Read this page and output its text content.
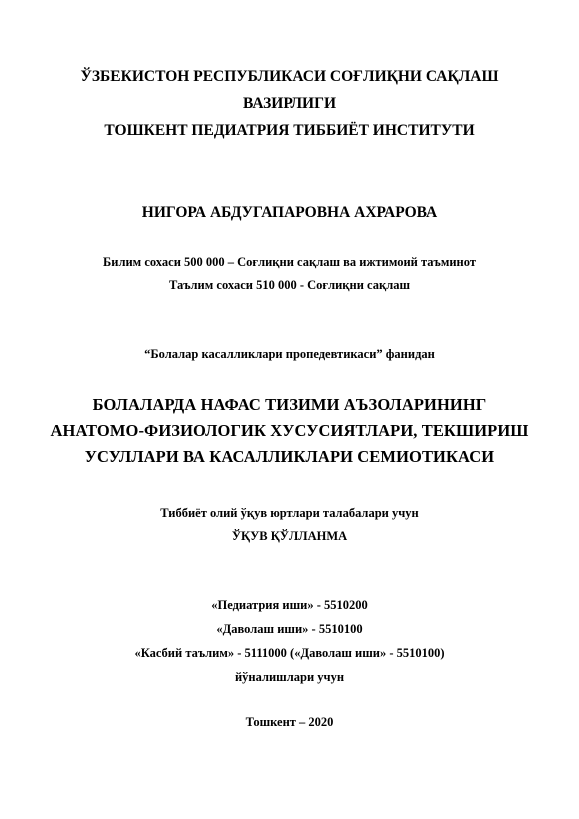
ЎЗБЕКИСТОН РЕСПУБЛИКАСИ СОҒЛИҚНИ САҚЛАШ
ВАЗИРЛИГИ
ТОШКЕНТ ПЕДИАТРИЯ ТИББИЁТ ИНСТИТУТИ
НИГОРА АБДУГАПАРОВНА АХРАРОВА
Билим сохаси 500 000 – Соғлиқни сақлаш ва ижтимоий таъминот
Таълим сохаси 510 000 - Соғлиқни сақлаш
“Болалар касалликлари пропедевтикаси” фанидан
БОЛАЛАРДА НАФАС ТИЗИМИ АЪЗОЛАРИНИНГ
АНАТОМО-ФИЗИОЛОГИК ХУСУСИЯТЛАРИ, ТЕКШИРИШ
УСУЛЛАРИ ВА КАСАЛЛИКЛАРИ СЕМИОТИКАСИ
Тиббиёт олий ўқув юртлари талабалари учун
ЎҚУВ ҚЎЛЛАНМА
«Педиатрия иши» - 5510200
«Даволаш иши» - 5510100
«Касбий таълим» - 5111000 («Даволаш иши» - 5510100)
йўналишлари учун
Тошкент – 2020
